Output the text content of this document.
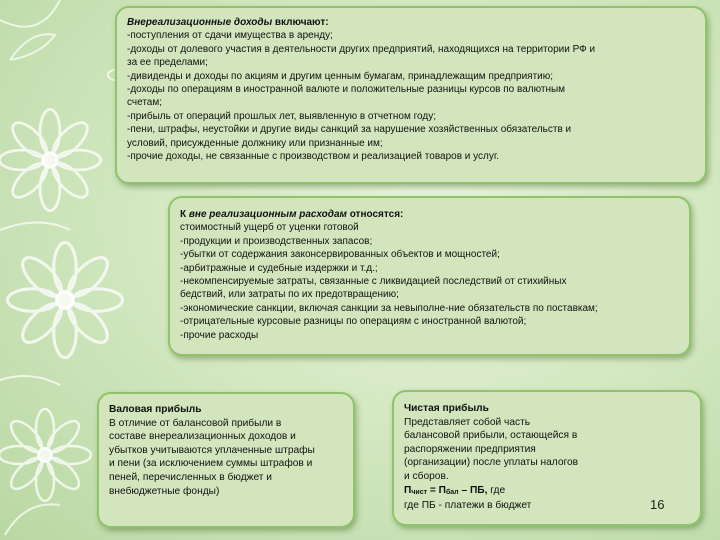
Внереализационные доходы включают:
-поступления от сдачи имущества в аренду;
-доходы от долевого участия в деятельности других предприятий, находящихся на территории РФ и
за ее пределами;
-дивиденды и доходы по акциям и другим ценным бумагам, принадлежащим предприятию;
-доходы по операциям в иностранной валюте и положительные разницы курсов по валютным
счетам;
-прибыль от операций прошлых лет, выявленную в отчетном году;
-пени, штрафы, неустойки и другие виды санкций за нарушение хозяйственных обязательств и
условий, присужденные должнику или признанные им;
-прочие доходы, не связанные с производством и реализацией товаров и услуг.
К вне реализационным расходам относятся:
стоимостный ущерб от уценки готовой
-продукции и производственных запасов;
-убытки от содержания законсервированных объектов и мощностей;
-арбитражные и судебные издержки и т.д.;
-некомпенсируемые затраты, связанные с ликвидацией последствий от стихийных
бедствий, или затраты по их предотвращению;
-экономические санкции, включая санкции за невыполне-ние обязательств по поставкам;
-отрицательные курсовые разницы по операциям с иностранной валютой;
-прочие расходы
Валовая прибыль
В отличие от балансовой прибыли в
составе внереализационных доходов и
убытков учитываются уплаченные штрафы
и пени (за исключением суммы штрафов и
пеней, перечисленных в бюджет и
внебюджетные фонды)
Чистая прибыль
Представляет собой часть
балансовой прибыли, остающейся в
распоряжении предприятия
(организации) после уплаты налогов
и сборов.
Пчист = Пбал – ПБ, где
где ПБ - платежи в бюджет	16
